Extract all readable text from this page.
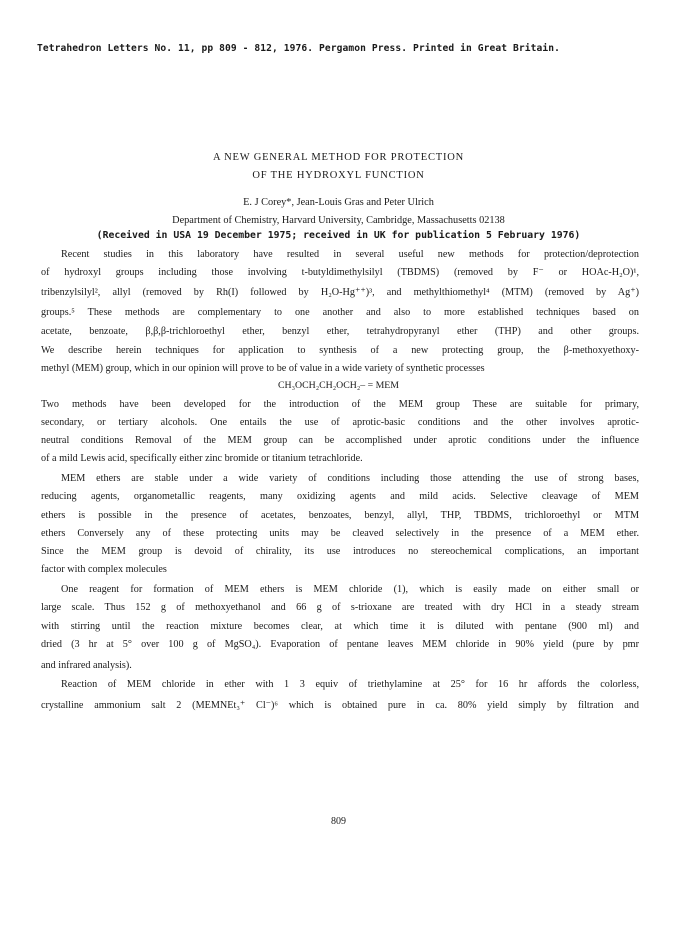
Tetrahedron Letters No. 11, pp 809 - 812, 1976. Pergamon Press. Printed in Great Britain.
A NEW GENERAL METHOD FOR PROTECTION
OF THE HYDROXYL FUNCTION
E. J Corey*, Jean-Louis Gras and Peter Ulrich
Department of Chemistry, Harvard University, Cambridge, Massachusetts 02138
(Received in USA 19 December 1975; received in UK for publication 5 February 1976)
Recent studies in this laboratory have resulted in several useful new methods for protection/deprotection
of hydroxyl groups including those involving t-butyldimethylsilyl (TBDMS) (removed by F⁻ or HOAc-H₂O)¹,
tribenzylsilyl², allyl (removed by Rh(I) followed by H₂O-Hg⁺⁺)³, and methylthiomethyl⁴ (MTM) (removed by Ag⁺)
groups.⁵ These methods are complementary to one another and also to more established techniques based on
acetate, benzoate, β,β,β-trichloroethyl ether, benzyl ether, tetrahydropyranyl ether (THP) and other groups.
We describe herein techniques for application to synthesis of a new protecting group, the β-methoxyethoxy-
methyl (MEM) group, which in our opinion will prove to be of value in a wide variety of synthetic processes
CH₃OCH₂CH₂OCH₂– = MEM
Two methods have been developed for the introduction of the MEM group These are suitable for primary,
secondary, or tertiary alcohols. One entails the use of aprotic-basic conditions and the other involves aprotic-
neutral conditions Removal of the MEM group can be accomplished under aprotic conditions under the influence
of a mild Lewis acid, specifically either zinc bromide or titanium tetrachloride.
MEM ethers are stable under a wide variety of conditions including those attending the use of strong bases,
reducing agents, organometallic reagents, many oxidizing agents and mild acids. Selective cleavage of MEM
ethers is possible in the presence of acetates, benzoates, benzyl, allyl, THP, TBDMS, trichloroethyl or MTM
ethers Conversely any of these protecting units may be cleaved selectively in the presence of a MEM ether.
Since the MEM group is devoid of chirality, its use introduces no stereochemical complications, an important
factor with complex molecules
One reagent for formation of MEM ethers is MEM chloride (1), which is easily made on either small or
large scale. Thus 152 g of methoxyethanol and 66 g of s-trioxane are treated with dry HCl in a steady stream
with stirring until the reaction mixture becomes clear, at which time it is diluted with pentane (900 ml) and
dried (3 hr at 5° over 100 g of MgSO₄). Evaporation of pentane leaves MEM chloride in 90% yield (pure by pmr
and infrared analysis).
Reaction of MEM chloride in ether with 1 3 equiv of triethylamine at 25° for 16 hr affords the colorless,
crystalline ammonium salt 2 (MEMNEt₃⁺ Cl⁻)⁶ which is obtained pure in ca. 80% yield simply by filtration and
809
